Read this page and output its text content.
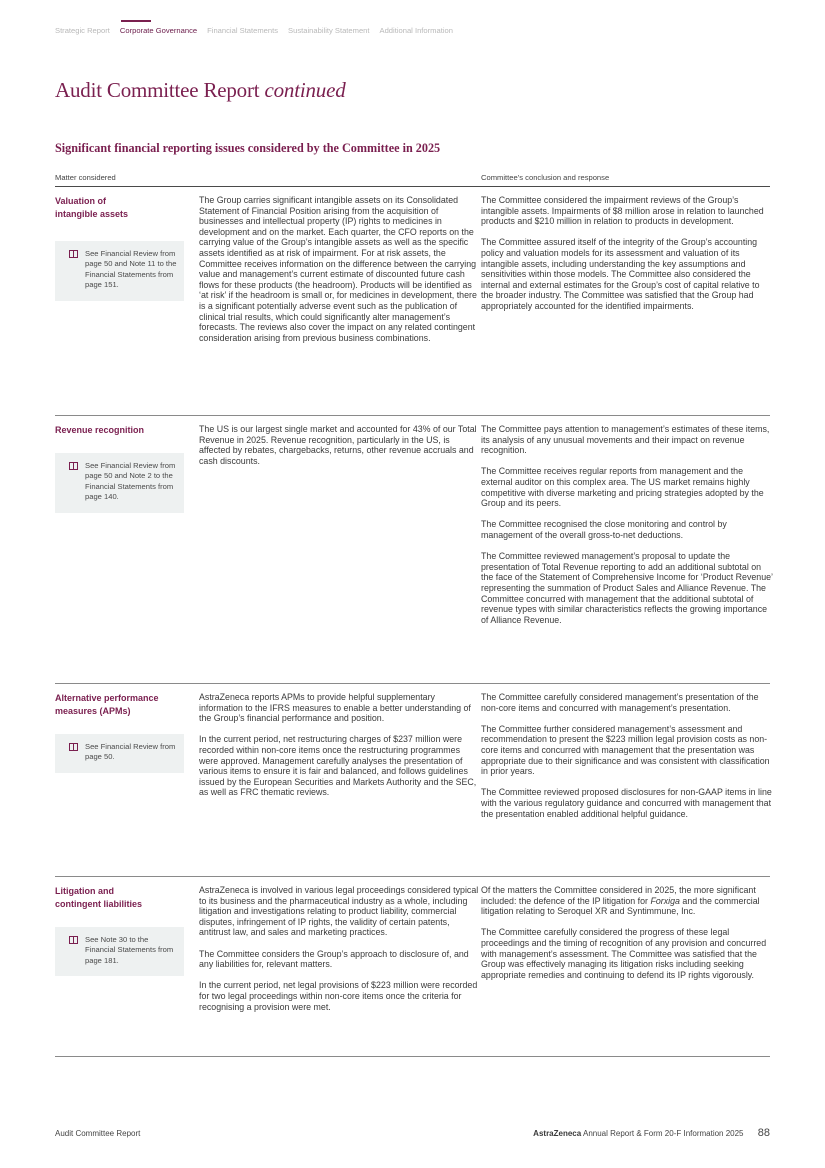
Strategic Report Corporate Governance Financial Statements Sustainability Statement Additional Information
Audit Committee Report continued
Significant financial reporting issues considered by the Committee in 2025
Matter considered	Committee’s conclusion and response
Valuation of intangible assets
See Financial Review from page 50 and Note 11 to the Financial Statements from page 151.

The Group carries significant intangible assets on its Consolidated Statement of Financial Position arising from the acquisition of businesses and intellectual property (IP) rights to medicines in development and on the market. Each quarter, the CFO reports on the carrying value of the Group’s intangible assets as well as the specific assets identified as at risk of impairment. For at risk assets, the Committee receives information on the difference between the carrying value and management’s current estimate of discounted future cash flows for these products (the headroom). Products will be identified as ‘at risk’ if the headroom is small or, for medicines in development, there is a significant potentially adverse event such as the publication of clinical trial results, which could significantly alter management’s forecasts. The reviews also cover the impact on any related contingent consideration arising from previous business combinations.

The Committee considered the impairment reviews of the Group’s intangible assets. Impairments of $8 million arose in relation to launched products and $210 million in relation to products in development.

The Committee assured itself of the integrity of the Group’s accounting policy and valuation models for its assessment and valuation of its intangible assets, including understanding the key assumptions and sensitivities within those models. The Committee also considered the internal and external estimates for the Group’s cost of capital relative to the broader industry. The Committee was satisfied that the Group had appropriately accounted for the identified impairments.

Revenue recognition
See Financial Review from page 50 and Note 2 to the Financial Statements from page 140.

The US is our largest single market and accounted for 43% of our Total Revenue in 2025. Revenue recognition, particularly in the US, is affected by rebates, chargebacks, returns, other revenue accruals and cash discounts.

The Committee pays attention to management’s estimates of these items, its analysis of any unusual movements and their impact on revenue recognition.

The Committee receives regular reports from management and the external auditor on this complex area. The US market remains highly competitive with diverse marketing and pricing strategies adopted by the Group and its peers.

The Committee recognised the close monitoring and control by management of the overall gross-to-net deductions.

The Committee reviewed management’s proposal to update the presentation of Total Revenue reporting to add an additional subtotal on the face of the Statement of Comprehensive Income for ‘Product Revenue’ representing the summation of Product Sales and Alliance Revenue. The Committee concurred with management that the additional subtotal of revenue types with similar characteristics reflects the growing importance of Alliance Revenue.

Alternative performance measures (APMs)
See Financial Review from page 50.

AstraZeneca reports APMs to provide helpful supplementary information to the IFRS measures to enable a better understanding of the Group’s financial performance and position.

In the current period, net restructuring charges of $237 million were recorded within non-core items once the restructuring programmes were approved. Management carefully analyses the presentation of various items to ensure it is fair and balanced, and follows guidelines issued by the European Securities and Markets Authority and the SEC, as well as FRC thematic reviews.

The Committee carefully considered management’s presentation of the non-core items and concurred with management’s presentation.

The Committee further considered management’s assessment and recommendation to present the $223 million legal provision costs as non-core items and concurred with management that the presentation was appropriate due to their significance and was consistent with classification in prior years.

The Committee reviewed proposed disclosures for non-GAAP items in line with the various regulatory guidance and concurred with management that the presentation enabled additional helpful guidance.

Litigation and contingent liabilities
See Note 30 to the Financial Statements from page 181.

AstraZeneca is involved in various legal proceedings considered typical to its business and the pharmaceutical industry as a whole, including litigation and investigations relating to product liability, commercial disputes, infringement of IP rights, the validity of certain patents, antitrust law, and sales and marketing practices.

The Committee considers the Group’s approach to disclosure of, and any liabilities for, relevant matters.

In the current period, net legal provisions of $223 million were recorded for two legal proceedings within non-core items once the criteria for recognising a provision were met.

Of the matters the Committee considered in 2025, the more significant included: the defence of the IP litigation for Forxiga and the commercial litigation relating to Seroquel XR and Syntimmune, Inc.

The Committee carefully considered the progress of these legal proceedings and the timing of recognition of any provision and concurred with management’s assessment. The Committee was satisfied that the Group was effectively managing its litigation risks including seeking appropriate remedies and continuing to defend its IP rights vigorously.

Audit Committee Report	AstraZeneca Annual Report & Form 20-F Information 2025 88
